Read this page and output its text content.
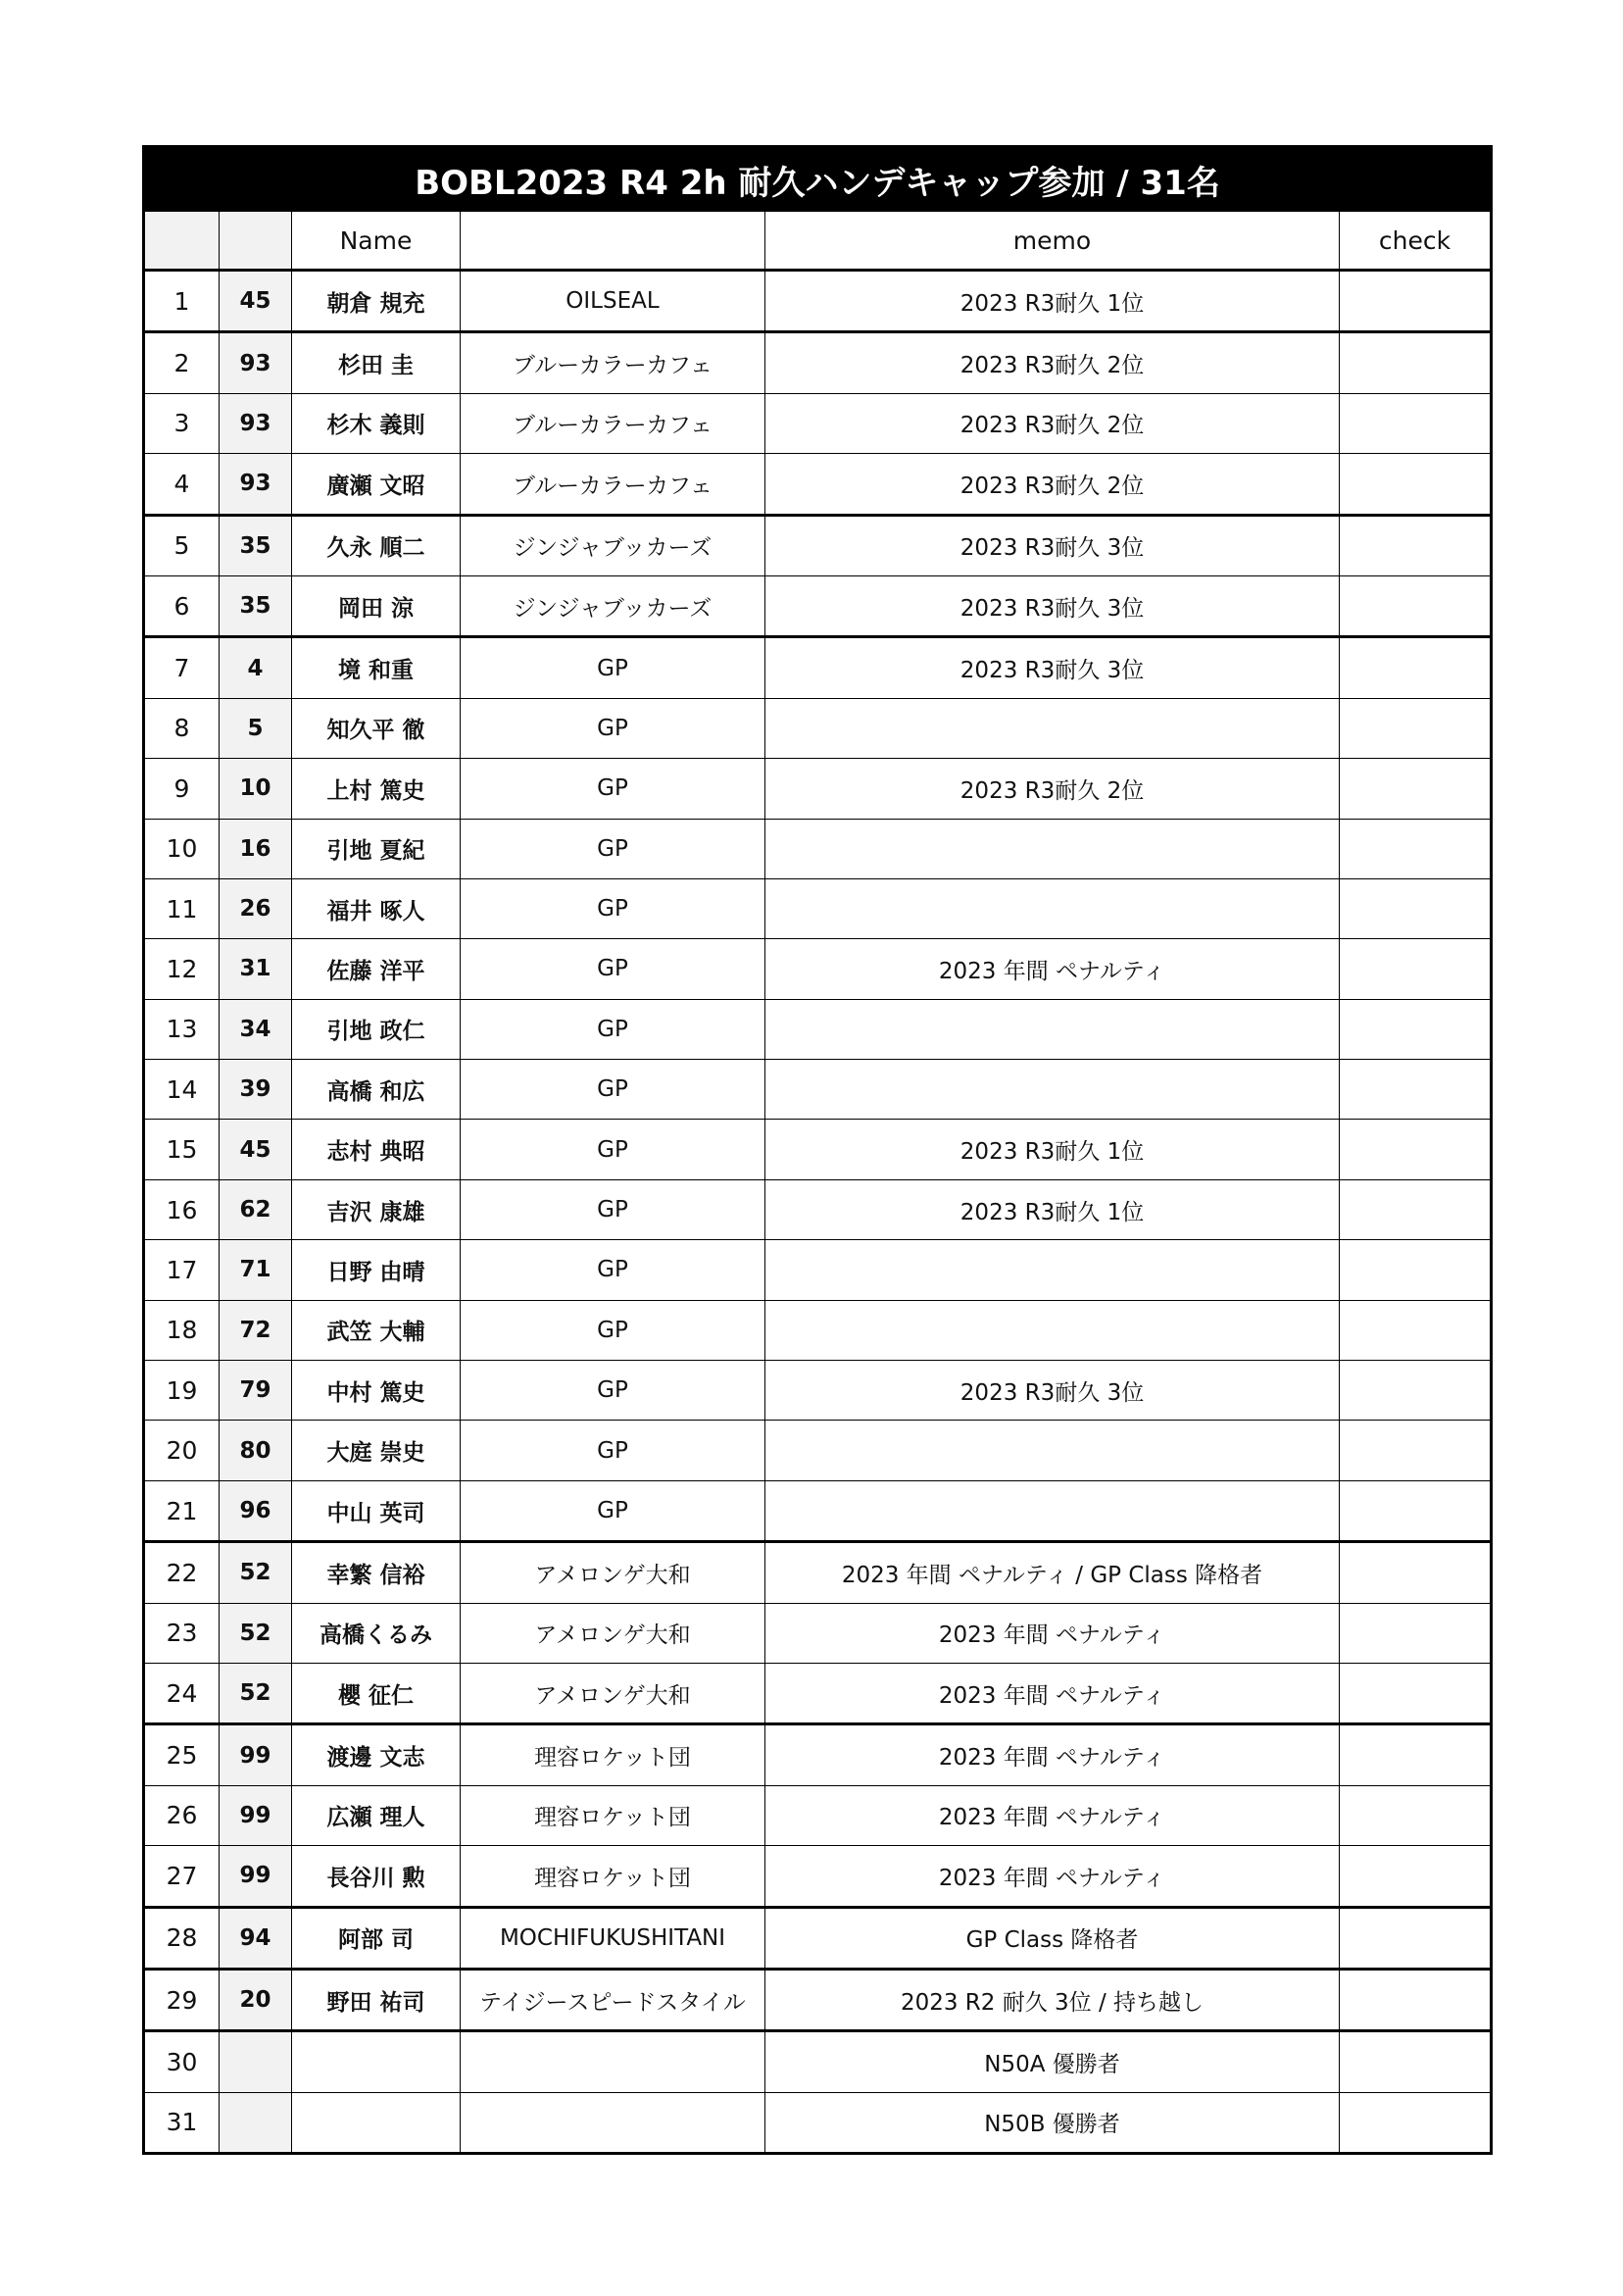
BOBL2023 R4 2h 耐久ハンデキャップ参加 / 31名					
		Name		memo	check
1	45	朝倉 規充	OILSEAL	2023 R3耐久 1位	
2	93	杉田 圭	ブルーカラーカフェ	2023 R3耐久 2位	
3	93	杉木 義則	ブルーカラーカフェ	2023 R3耐久 2位	
4	93	廣瀬 文昭	ブルーカラーカフェ	2023 R3耐久 2位	
5	35	久永 順二	ジンジャブッカーズ	2023 R3耐久 3位	
6	35	岡田 涼	ジンジャブッカーズ	2023 R3耐久 3位	
7	4	境 和重	GP	2023 R3耐久 3位	
8	5	知久平 徹	GP		
9	10	上村 篤史	GP	2023 R3耐久 2位	
10	16	引地 夏紀	GP		
11	26	福井 啄人	GP		
12	31	佐藤 洋平	GP	2023 年間 ペナルティ	
13	34	引地 政仁	GP		
14	39	高橋 和広	GP		
15	45	志村 典昭	GP	2023 R3耐久 1位	
16	62	吉沢 康雄	GP	2023 R3耐久 1位	
17	71	日野 由晴	GP		
18	72	武笠 大輔	GP		
19	79	中村 篤史	GP	2023 R3耐久 3位	
20	80	大庭 崇史	GP		
21	96	中山 英司	GP		
22	52	幸繁 信裕	アメロンゲ大和	2023 年間 ペナルティ / GP Class 降格者	
23	52	高橋くるみ	アメロンゲ大和	2023 年間 ペナルティ	
24	52	櫻 征仁	アメロンゲ大和	2023 年間 ペナルティ	
25	99	渡邊 文志	理容ロケット団	2023 年間 ペナルティ	
26	99	広瀬 理人	理容ロケット団	2023 年間 ペナルティ	
27	99	長谷川 勲	理容ロケット団	2023 年間 ペナルティ	
28	94	阿部 司	MOCHIFUKUSHITANI	GP Class 降格者	
29	20	野田 祐司	テイジースピードスタイル	2023 R2 耐久 3位 / 持ち越し	
30				N50A 優勝者	
31				N50B 優勝者	
